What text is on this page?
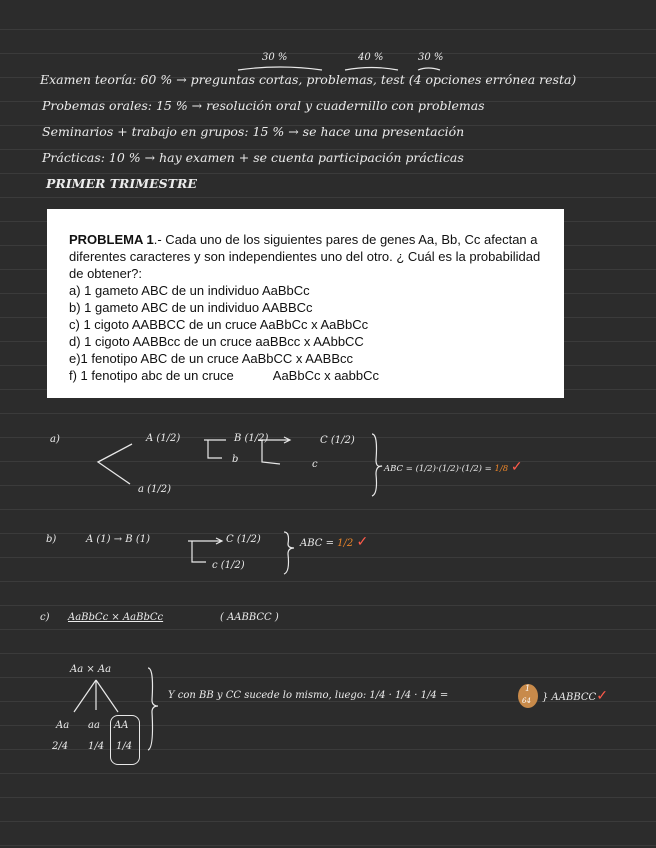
30 %	40 %	30 %
Examen teoría: 60 % → preguntas cortas, problemas, test (4 opciones errónea resta)
Probemas orales: 15 % → resolución oral y cuadernillo con problemas
Seminarios + trabajo en grupos: 15 % → se hace una presentación
Prácticas: 10 % → hay examen + se cuenta participación prácticas
PRIMER TRIMESTRE
PROBLEMA 1.- Cada uno de los siguientes pares de genes Aa, Bb, Cc afectan a diferentes caracteres y son independientes uno del otro. ¿ Cuál es la probabilidad de obtener?:
a) 1 gameto ABC de un individuo AaBbCc
b) 1 gameto ABC de un individuo AABBCc
c) 1 cigoto AABBCC de un cruce AaBbCc x AaBbCc
d) 1 cigoto AABBcc de un cruce aaBBcc x AAbbCC
e)1 fenotipo ABC de un cruce AaBbCC x AABBcc
f) 1 fenotipo abc de un cruce           AaBbCc x aabbCc
a)	A (1/2)
a (1/2)
B (1/2)
b
C (1/2)
c	ABC = (1/2)·(1/2)·(1/2) = 1/8 ✓
b)	A (1) → B (1)	C (1/2)
c (1/2)
ABC = 1/2 ✓
c) AaBbCc × AaBbCc	( AABBCC )
Aa × Aa
Aa aa AA
2/4 1/4 1/4
Y con BB y CC sucede lo mismo, luego: 1/4 · 1/4 · 1/4 =
1
64 } AABBCC✓
